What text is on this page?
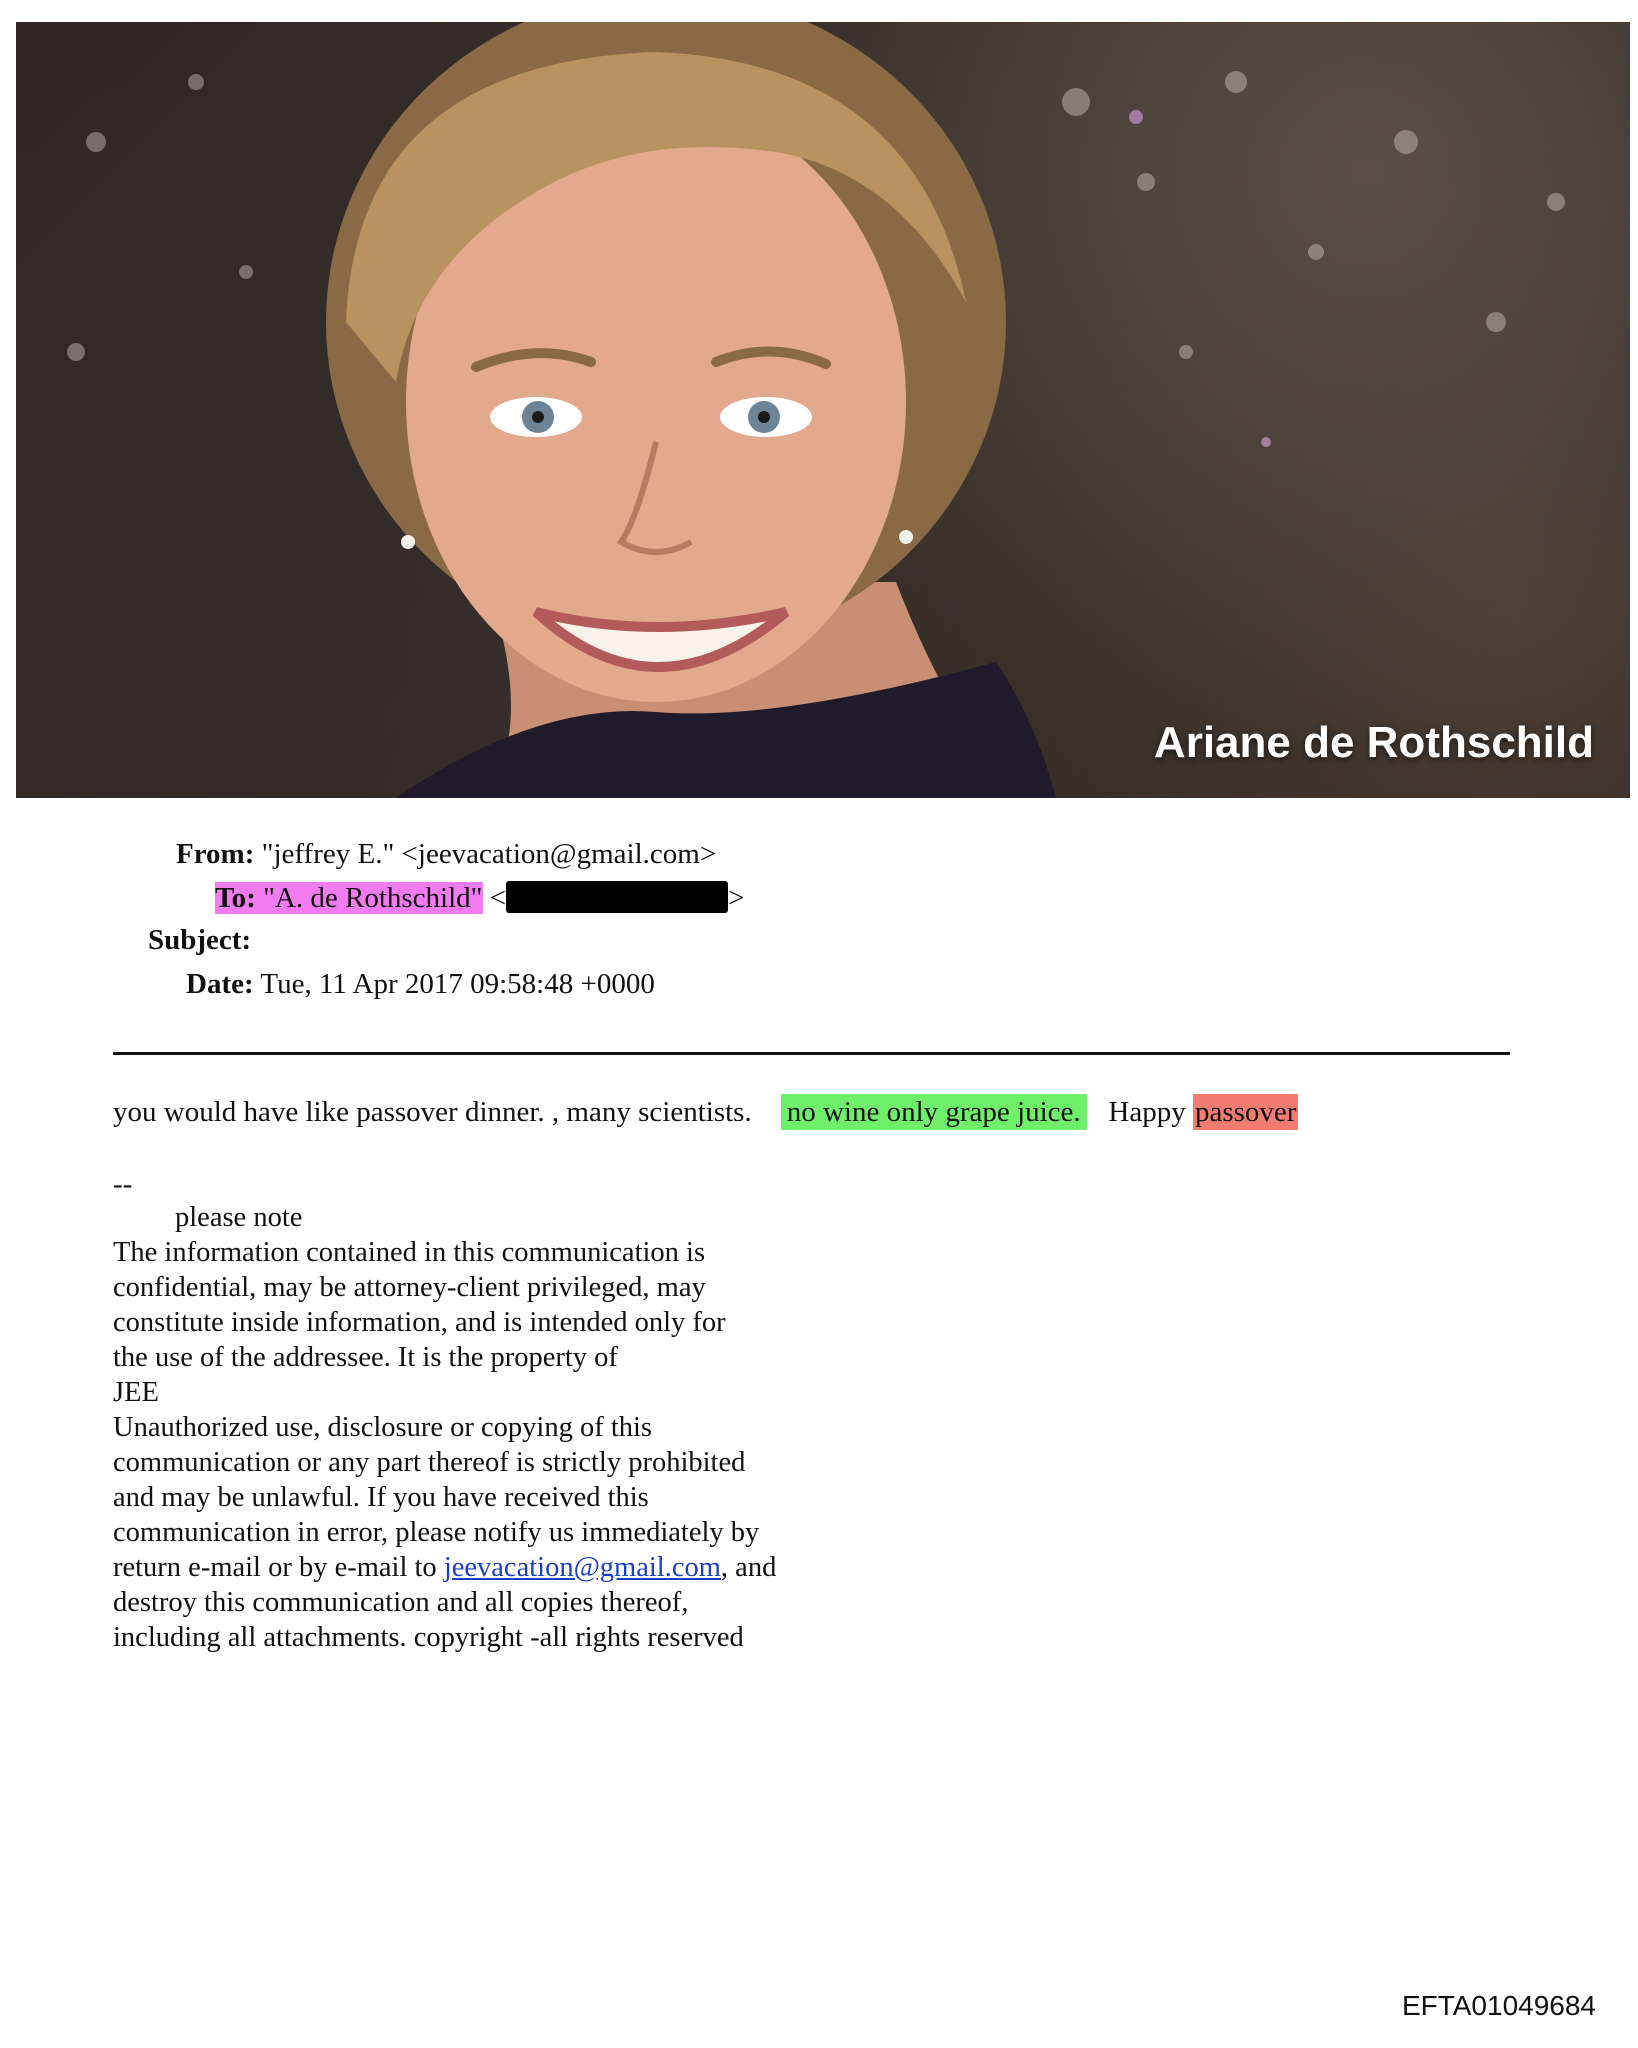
Ariane de Rothschild
From: "jeffrey E." <jeevacation@gmail.com>
To: "A. de Rothschild" <	>
Subject:
Date: Tue, 11 Apr 2017 09:58:48 +0000
you would have like passover dinner. , many scientists. no wine only grape juice. Happy passover
--
please note
The information contained in this communication is
confidential, may be attorney-client privileged, may
constitute inside information, and is intended only for
the use of the addressee. It is the property of
JEE
Unauthorized use, disclosure or copying of this
communication or any part thereof is strictly prohibited
and may be unlawful. If you have received this
communication in error, please notify us immediately by
return e-mail or by e-mail to jeevacation@gmail.com, and
destroy this communication and all copies thereof,
including all attachments. copyright -all rights reserved
EFTA01049684
